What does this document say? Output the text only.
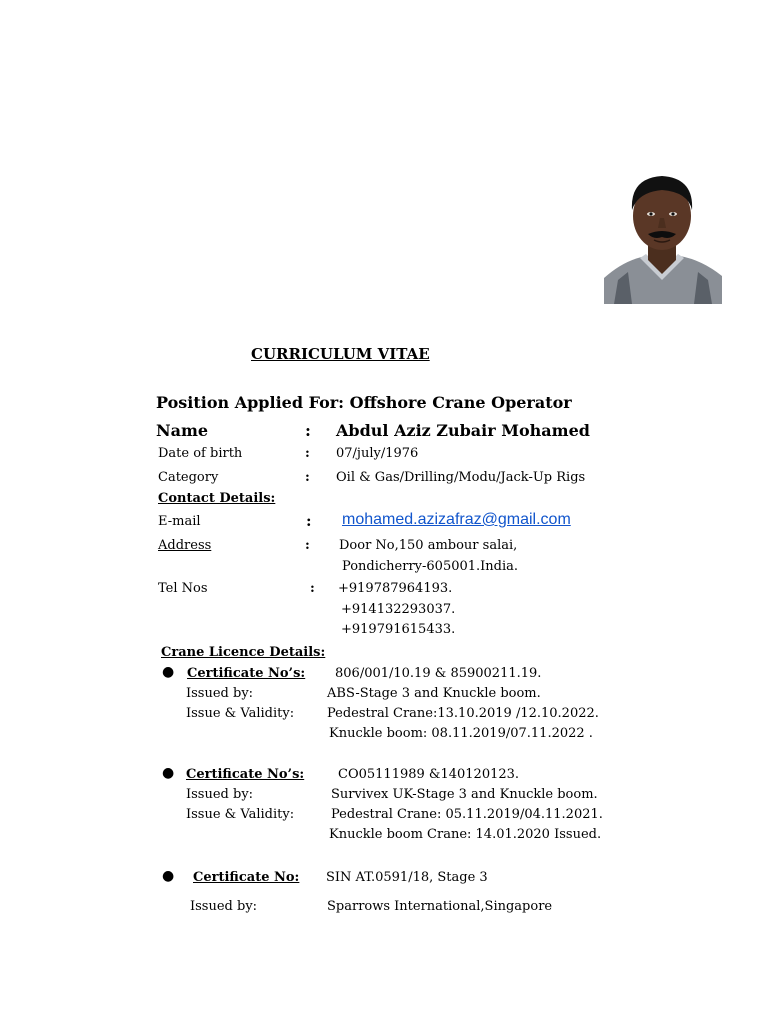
CURRICULUM VITAE
Position Applied For: Offshore Crane Operator
Name	: Abdul Aziz Zubair Mohamed
Date of birth	: 07/july/1976
Category	: Oil & Gas/Drilling/Modu/Jack-Up Rigs
Contact Details:
E-mail	: mohamed.azizafraz@gmail.com
Address	: Door No,150 ambour salai,
Pondicherry-605001.India.
Tel Nos	: +919787964193.
+914132293037.
+919791615433.
Crane Licence Details:
● Certificate No’s: 806/001/10.19 & 85900211.19.
Issued by:	ABS-Stage 3 and Knuckle boom.
Issue & Validity:	Pedestral Crane:13.10.2019 /12.10.2022.
Knuckle boom: 08.11.2019/07.11.2022 .
● Certificate No’s:	CO05111989 &140120123.
Issued by:	Survivex UK-Stage 3 and Knuckle boom.
Issue & Validity:	Pedestral Crane: 05.11.2019/04.11.2021.
Knuckle boom Crane: 14.01.2020 Issued.
● Certificate No: SIN AT.0591/18, Stage 3
Issued by:	Sparrows International,Singapore
